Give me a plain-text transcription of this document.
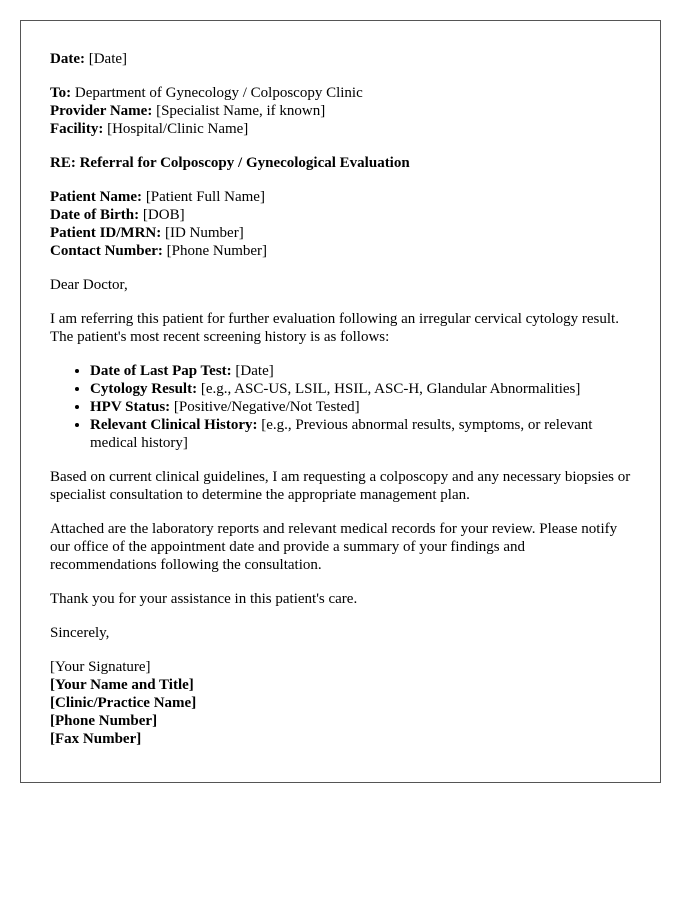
Date: [Date]

To: Department of Gynecology / Colposcopy Clinic
Provider Name: [Specialist Name, if known]
Facility: [Hospital/Clinic Name]

RE: Referral for Colposcopy / Gynecological Evaluation

Patient Name: [Patient Full Name]
Date of Birth: [DOB]
Patient ID/MRN: [ID Number]
Contact Number: [Phone Number]

Dear Doctor,

I am referring this patient for further evaluation following an irregular cervical cytology result. The patient's most recent screening history is as follows:

• Date of Last Pap Test: [Date]
• Cytology Result: [e.g., ASC-US, LSIL, HSIL, ASC-H, Glandular Abnormalities]
• HPV Status: [Positive/Negative/Not Tested]
• Relevant Clinical History: [e.g., Previous abnormal results, symptoms, or relevant medical history]

Based on current clinical guidelines, I am requesting a colposcopy and any necessary biopsies or specialist consultation to determine the appropriate management plan.

Attached are the laboratory reports and relevant medical records for your review. Please notify our office of the appointment date and provide a summary of your findings and recommendations following the consultation.

Thank you for your assistance in this patient's care.

Sincerely,

[Your Signature]
[Your Name and Title]
[Clinic/Practice Name]
[Phone Number]
[Fax Number]
